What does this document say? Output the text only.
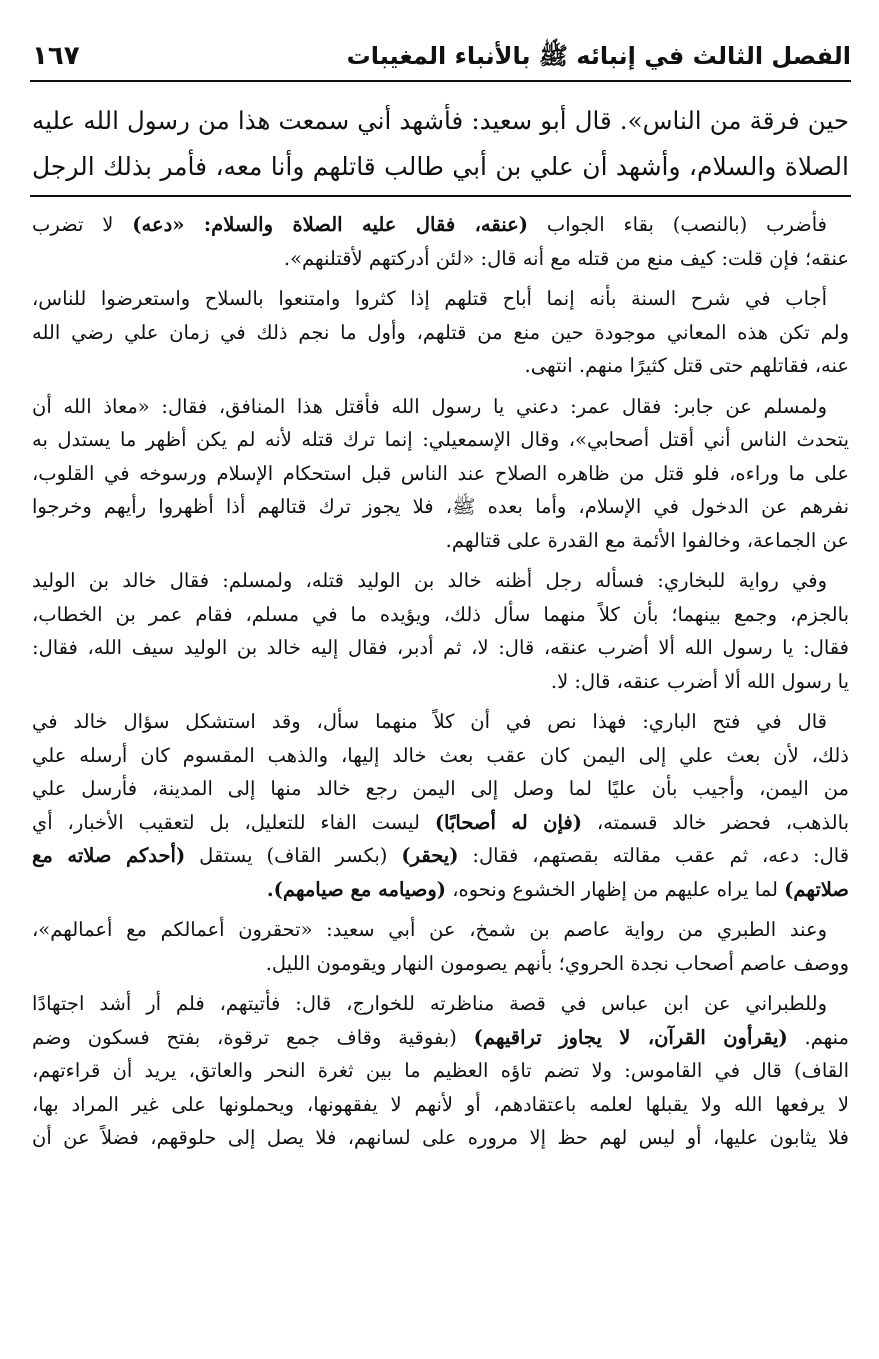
الفصل الثالث في إنبائه ﷺ بالأنباء المغيبات
١٦٧
حين فرقة من الناس». قال أبو سعيد: فأشهد أني سمعت هذا من رسول الله عليه
الصلاة والسلام، وأشهد أن علي بن أبي طالب قاتلهم وأنا معه، فأمر بذلك الرجل

فأضرب (بالنصب) بقاء الجواب (عنقه، فقال عليه الصلاة والسلام: «دعه) لا تضرب
عنقه؛ فإن قلت: كيف منع من قتله مع أنه قال: «لئن أدركتهم لأقتلنهم».

أجاب في شرح السنة بأنه إنما أباح قتلهم إذا كثروا وامتنعوا بالسلاح واستعرضوا للناس،
ولم تكن هذه المعاني موجودة حين منع من قتلهم، وأول ما نجم ذلك في زمان علي رضي الله
عنه، فقاتلهم حتى قتل كثيرًا منهم. انتهى.

ولمسلم عن جابر: فقال عمر: دعني يا رسول الله فأقتل هذا المنافق، فقال: «معاذ الله أن
يتحدث الناس أني أقتل أصحابي»، وقال الإسمعيلي: إنما ترك قتله لأنه لم يكن أظهر ما يستدل به
على ما وراءه، فلو قتل من ظاهره الصلاح عند الناس قبل استحكام الإسلام ورسوخه في القلوب،
نفرهم عن الدخول في الإسلام، وأما بعده ﷺ، فلا يجوز ترك قتالهم أذا أظهروا رأيهم وخرجوا
عن الجماعة، وخالفوا الأئمة مع القدرة على قتالهم.

وفي رواية للبخاري: فسأله رجل أظنه خالد بن الوليد قتله، ولمسلم: فقال خالد بن الوليد
بالجزم، وجمع بينهما؛ بأن كلاً منهما سأل ذلك، ويؤيده ما في مسلم، فقام عمر بن الخطاب،
فقال: يا رسول الله ألا أضرب عنقه، قال: لا، ثم أدبر، فقال إليه خالد بن الوليد سيف الله، فقال:
يا رسول الله ألا أضرب عنقه، قال: لا.

قال في فتح الباري: فهذا نص في أن كلاً منهما سأل، وقد استشكل سؤال خالد في
ذلك، لأن بعث علي إلى اليمن كان عقب بعث خالد إليها، والذهب المقسوم كان أرسله علي
من اليمن، وأجيب بأن عليًا لما وصل إلى اليمن رجع خالد منها إلى المدينة، فأرسل علي
بالذهب، فحضر خالد قسمته، (فإن له أصحابًا) ليست الفاء للتعليل، بل لتعقيب الأخبار، أي
قال: دعه، ثم عقب مقالته بقصتهم، فقال: (يحقر) (بكسر القاف) يستقل (أحدكم صلاته مع
صلاتهم) لما يراه عليهم من إظهار الخشوع ونحوه، (وصيامه مع صيامهم).

وعند الطبري من رواية عاصم بن شمخ، عن أبي سعيد: «تحقرون أعمالكم مع أعمالهم»،
ووصف عاصم أصحاب نجدة الحروي؛ بأنهم يصومون النهار ويقومون الليل.

وللطبراني عن ابن عباس في قصة مناظرته للخوارج، قال: فأتيتهم، فلم أر أشد اجتهادًا
منهم. (يقرأون القرآن، لا يجاوز تراقيهم) (بفوقية وقاف جمع ترقوة، بفتح فسكون وضم
القاف) قال في القاموس: ولا تضم تاؤه العظيم ما بين ثغرة النحر والعاتق، يريد أن قراءتهم،
لا يرفعها الله ولا يقبلها لعلمه باعتقادهم، أو لأنهم لا يفقهونها، ويحملونها على غير المراد بها،
فلا يثابون عليها، أو ليس لهم حظ إلا مروره على لسانهم، فلا يصل إلى حلوقهم، فضلاً عن أن
